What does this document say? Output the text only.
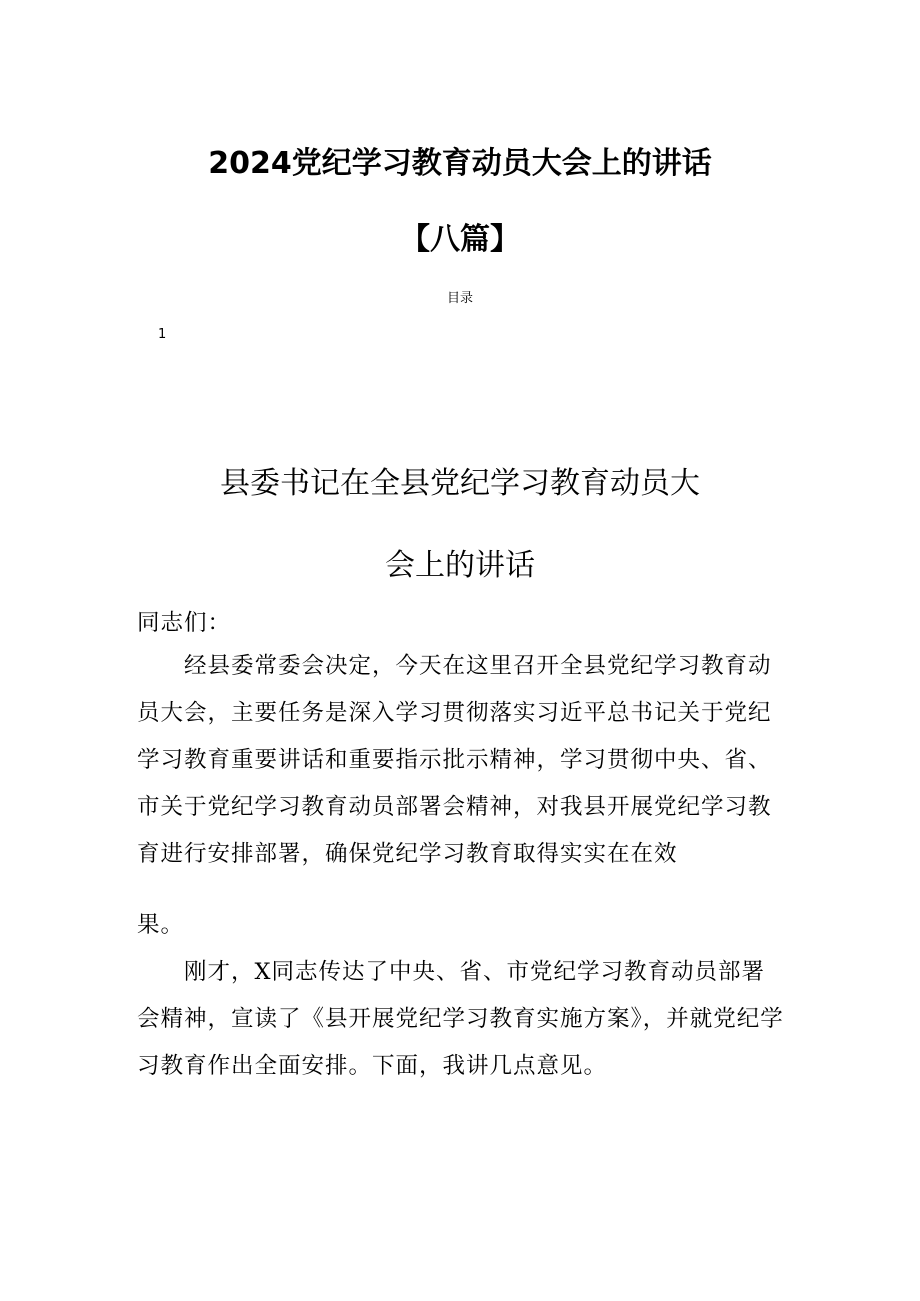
2024党纪学习教育动员大会上的讲话
【八篇】
目录
1
县委书记在全县党纪学习教育动员大
会上的讲话

同志们：

经县委常委会决定，今天在这里召开全县党纪学习教育动员大会，主要任务是深入学习贯彻落实习近平总书记关于党纪学习教育重要讲话和重要指示批示精神，学习贯彻中央、省、市关于党纪学习教育动员部署会精神，对我县开展党纪学习教育进行安排部署，确保党纪学习教育取得实实在在效

果。

刚才，X同志传达了中央、省、市党纪学习教育动员部署会精神，宣读了《县开展党纪学习教育实施方案》，并就党纪学习教育作出全面安排。下面，我讲几点意见。
